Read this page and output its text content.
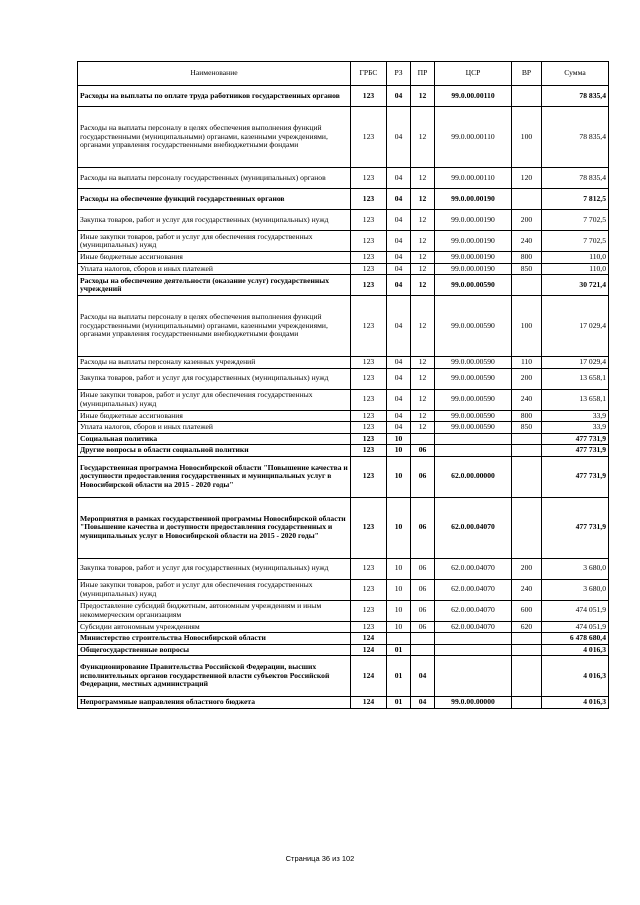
Наименование	ГРБС	РЗ	ПР	ЦСР	ВР	Сумма
Расходы на выплаты по оплате труда работников государственных органов	123	04	12	99.0.00.00110		78 835,4
Расходы на выплаты персоналу в целях обеспечения выполнения функций государственными (муниципальными) органами, казенными учреждениями, органами управления государственными внебюджетными фондами	123	04	12	99.0.00.00110	100	78 835,4
Расходы на выплаты персоналу государственных (муниципальных) органов	123	04	12	99.0.00.00110	120	78 835,4
Расходы на обеспечение функций государственных органов	123	04	12	99.0.00.00190		7 812,5
Закупка товаров, работ и услуг для государственных (муниципальных) нужд	123	04	12	99.0.00.00190	200	7 702,5
Иные закупки товаров, работ и услуг для обеспечения государственных (муниципальных) нужд	123	04	12	99.0.00.00190	240	7 702,5
Иные бюджетные ассигнования	123	04	12	99.0.00.00190	800	110,0
Уплата налогов, сборов и иных платежей	123	04	12	99.0.00.00190	850	110,0
Расходы на обеспечение деятельности (оказание услуг) государственных учреждений	123	04	12	99.0.00.00590		30 721,4
Расходы на выплаты персоналу в целях обеспечения выполнения функций государственными (муниципальными) органами, казенными учреждениями, органами управления государственными внебюджетными фондами	123	04	12	99.0.00.00590	100	17 029,4
Расходы на выплаты персоналу казенных учреждений	123	04	12	99.0.00.00590	110	17 029,4
Закупка товаров, работ и услуг для государственных (муниципальных) нужд	123	04	12	99.0.00.00590	200	13 658,1
Иные закупки товаров, работ и услуг для обеспечения государственных (муниципальных) нужд	123	04	12	99.0.00.00590	240	13 658,1
Иные бюджетные ассигнования	123	04	12	99.0.00.00590	800	33,9
Уплата налогов, сборов и иных платежей	123	04	12	99.0.00.00590	850	33,9
Социальная политика	123	10				477 731,9
Другие вопросы в области социальной политики	123	10	06			477 731,9
Государственная программа Новосибирской области "Повышение качества и доступности предоставления государственных и муниципальных услуг в Новосибирской области на 2015 - 2020 годы"	123	10	06	62.0.00.00000		477 731,9
Мероприятия в рамках государственной программы Новосибирской области "Повышение качества и доступности предоставления государственных и муниципальных услуг в Новосибирской области на 2015 - 2020 годы"	123	10	06	62.0.00.04070		477 731,9
Закупка товаров, работ и услуг для государственных (муниципальных) нужд	123	10	06	62.0.00.04070	200	3 680,0
Иные закупки товаров, работ и услуг для обеспечения государственных (муниципальных) нужд	123	10	06	62.0.00.04070	240	3 680,0
Предоставление субсидий бюджетным, автономным учреждениям и иным некоммерческим организациям	123	10	06	62.0.00.04070	600	474 051,9
Субсидии автономным учреждениям	123	10	06	62.0.00.04070	620	474 051,9
Министерство строительства Новосибирской области	124					6 478 680,4
Общегосударственные вопросы	124	01				4 016,3
Функционирование Правительства Российской Федерации, высших исполнительных органов государственной власти субъектов Российской Федерации, местных администраций	124	01	04			4 016,3
Непрограммные направления областного бюджета	124	01	04	99.0.00.00000		4 016,3
Страница 36 из 102
